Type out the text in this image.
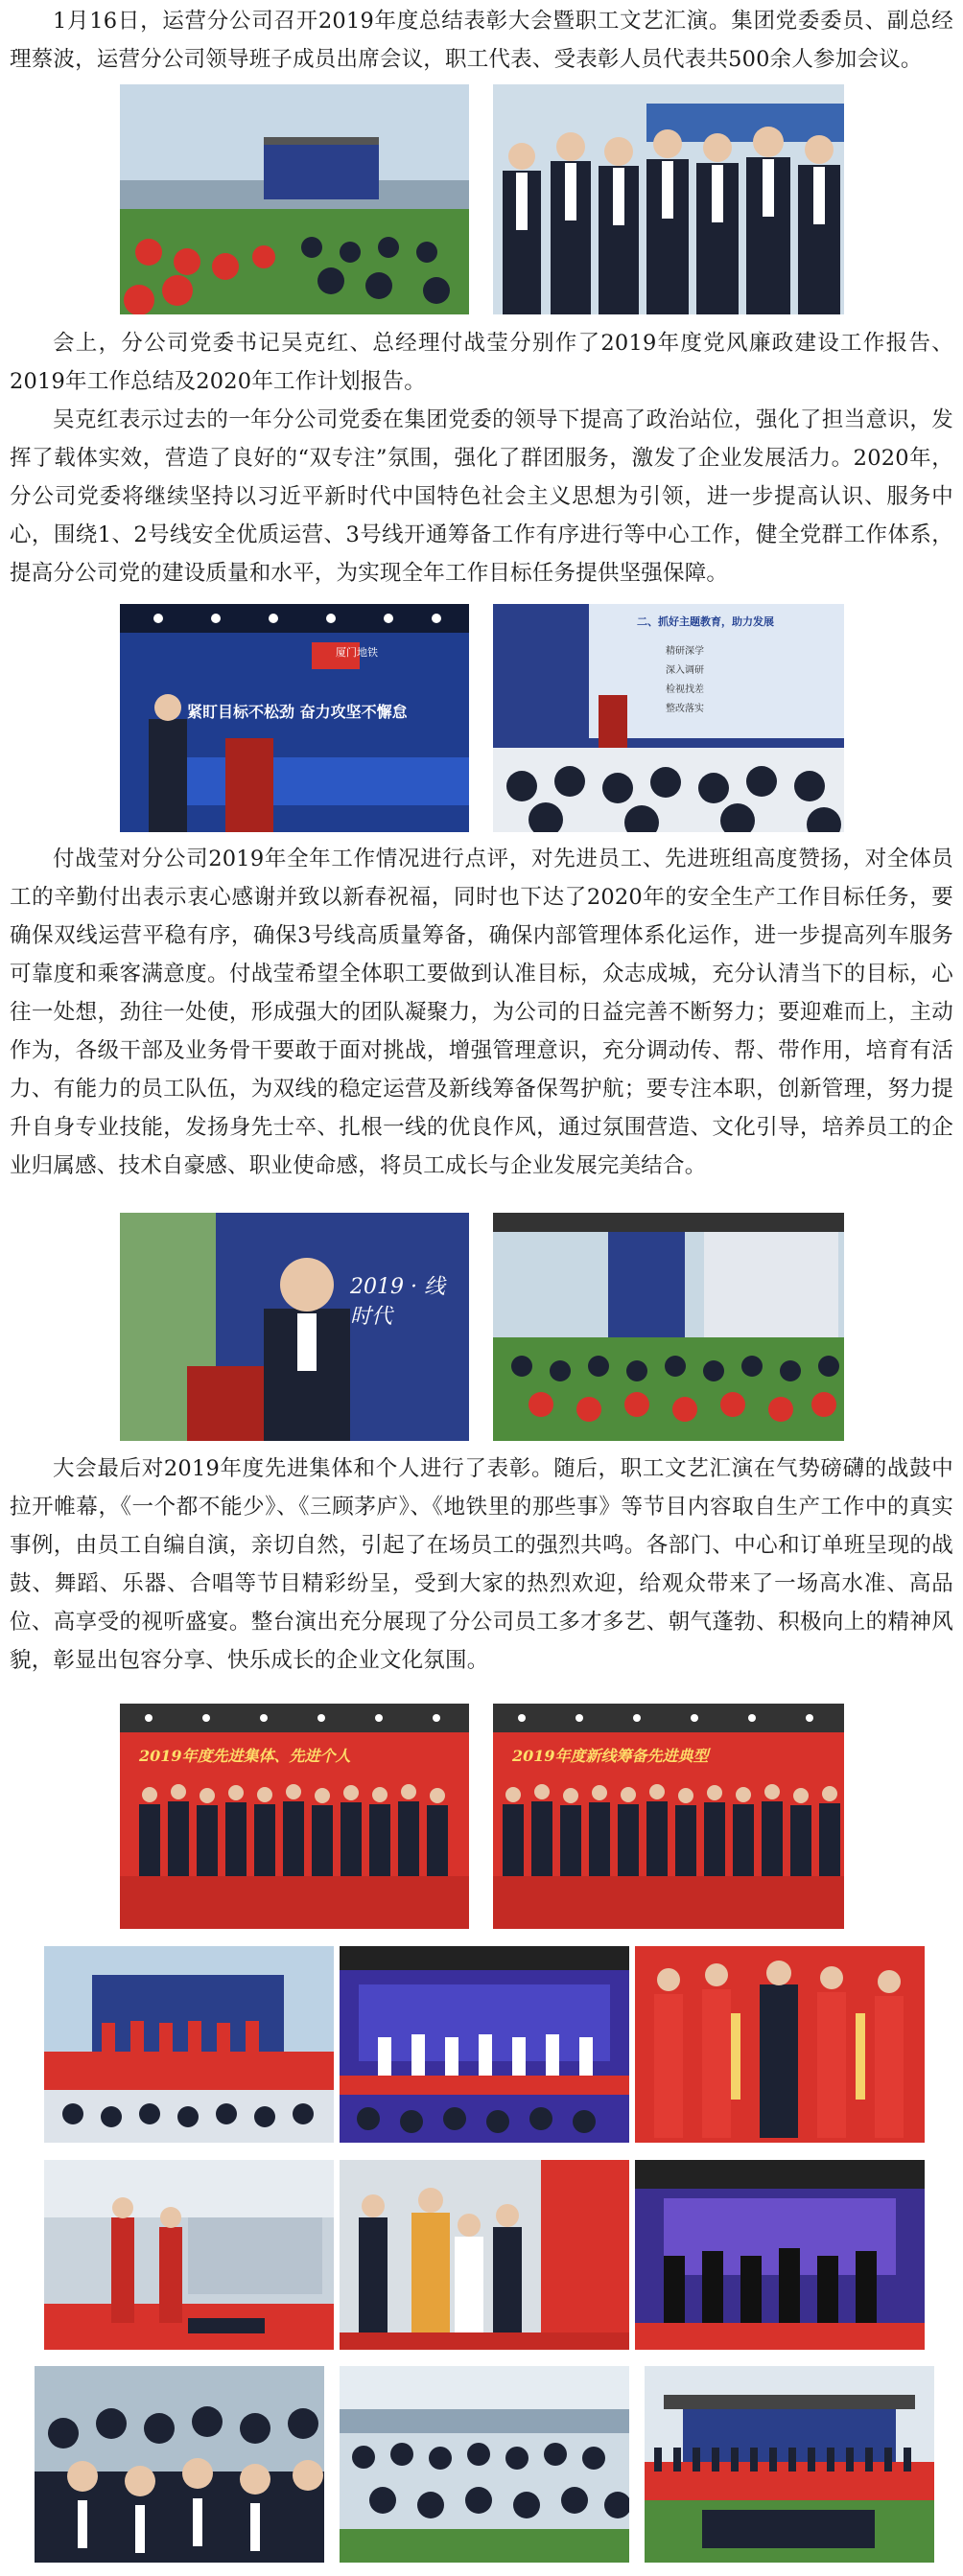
1月16日，运营分公司召开2019年度总结表彰大会暨职工文艺汇演。集团党委委员、副总经理蔡波，运营分公司领导班子成员出席会议，职工代表、受表彰人员代表共500余人参加会议。

会上，分公司党委书记吴克红、总经理付战莹分别作了2019年度党风廉政建设工作报告、2019年工作总结及2020年工作计划报告。

吴克红表示过去的一年分公司党委在集团党委的领导下提高了政治站位，强化了担当意识，发挥了载体实效，营造了良好的“双专注”氛围，强化了群团服务，激发了企业发展活力。2020年，分公司党委将继续坚持以习近平新时代中国特色社会主义思想为引领，进一步提高认识、服务中心，围绕1、2号线安全优质运营、3号线开通筹备工作有序进行等中心工作，健全党群工作体系，提高分公司党的建设质量和水平，为实现全年工作目标任务提供坚强保障。

厦门地铁
紧盯目标不松劲 奋力攻坚不懈怠
二、抓好主题教育，助力发展
精研深学
深入调研
检视找差
整改落实

付战莹对分公司2019年全年工作情况进行点评，对先进员工、先进班组高度赞扬，对全体员工的辛勤付出表示衷心感谢并致以新春祝福，同时也下达了2020年的安全生产工作目标任务，要确保双线运营平稳有序，确保3号线高质量筹备，确保内部管理体系化运作，进一步提高列车服务可靠度和乘客满意度。付战莹希望全体职工要做到认准目标，众志成城，充分认清当下的目标，心往一处想，劲往一处使，形成强大的团队凝聚力，为公司的日益完善不断努力；要迎难而上，主动作为，各级干部及业务骨干要敢于面对挑战，增强管理意识，充分调动传、帮、带作用，培育有活力、有能力的员工队伍，为双线的稳定运营及新线筹备保驾护航；要专注本职，创新管理，努力提升自身专业技能，发扬身先士卒、扎根一线的优良作风，通过氛围营造、文化引导，培养员工的企业归属感、技术自豪感、职业使命感，将员工成长与企业发展完美结合。

2019 · 线时代

大会最后对2019年度先进集体和个人进行了表彰。随后，职工文艺汇演在气势磅礴的战鼓中拉开帷幕，《一个都不能少》、《三顾茅庐》、《地铁里的那些事》等节目内容取自生产工作中的真实事例，由员工自编自演，亲切自然，引起了在场员工的强烈共鸣。各部门、中心和订单班呈现的战鼓、舞蹈、乐器、合唱等节目精彩纷呈，受到大家的热烈欢迎，给观众带来了一场高水准、高品位、高享受的视听盛宴。整台演出充分展现了分公司员工多才多艺、朝气蓬勃、积极向上的精神风貌，彰显出包容分享、快乐成长的企业文化氛围。

2019年度先进集体、先进个人	2019年度新线筹备先进典型
